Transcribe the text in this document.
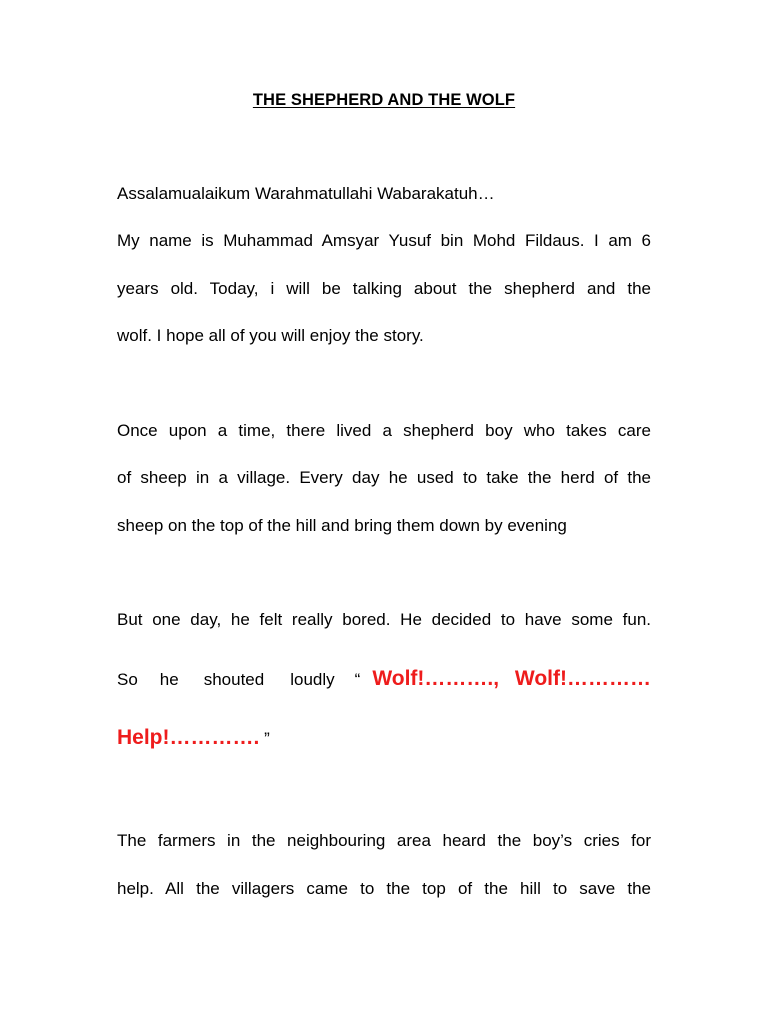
THE SHEPHERD AND THE WOLF
Assalamualaikum Warahmatullahi Wabarakatuh…
My name is Muhammad Amsyar Yusuf bin Mohd Fildaus. I am 6
years old. Today, i will be talking about the shepherd and the
wolf. I hope all of you will enjoy the story.
Once upon a time, there lived a shepherd boy who takes care
of sheep in a village. Every day he used to take the herd of the
sheep on the top of the hill and bring them down by evening
But one day, he felt really bored. He decided to have some fun.
So he shouted loudly “ Wolf!………., Wolf!…………
Help!…………. ”
The farmers in the neighbouring area heard the boy’s cries for
help. All the villagers came to the top of the hill to save the
